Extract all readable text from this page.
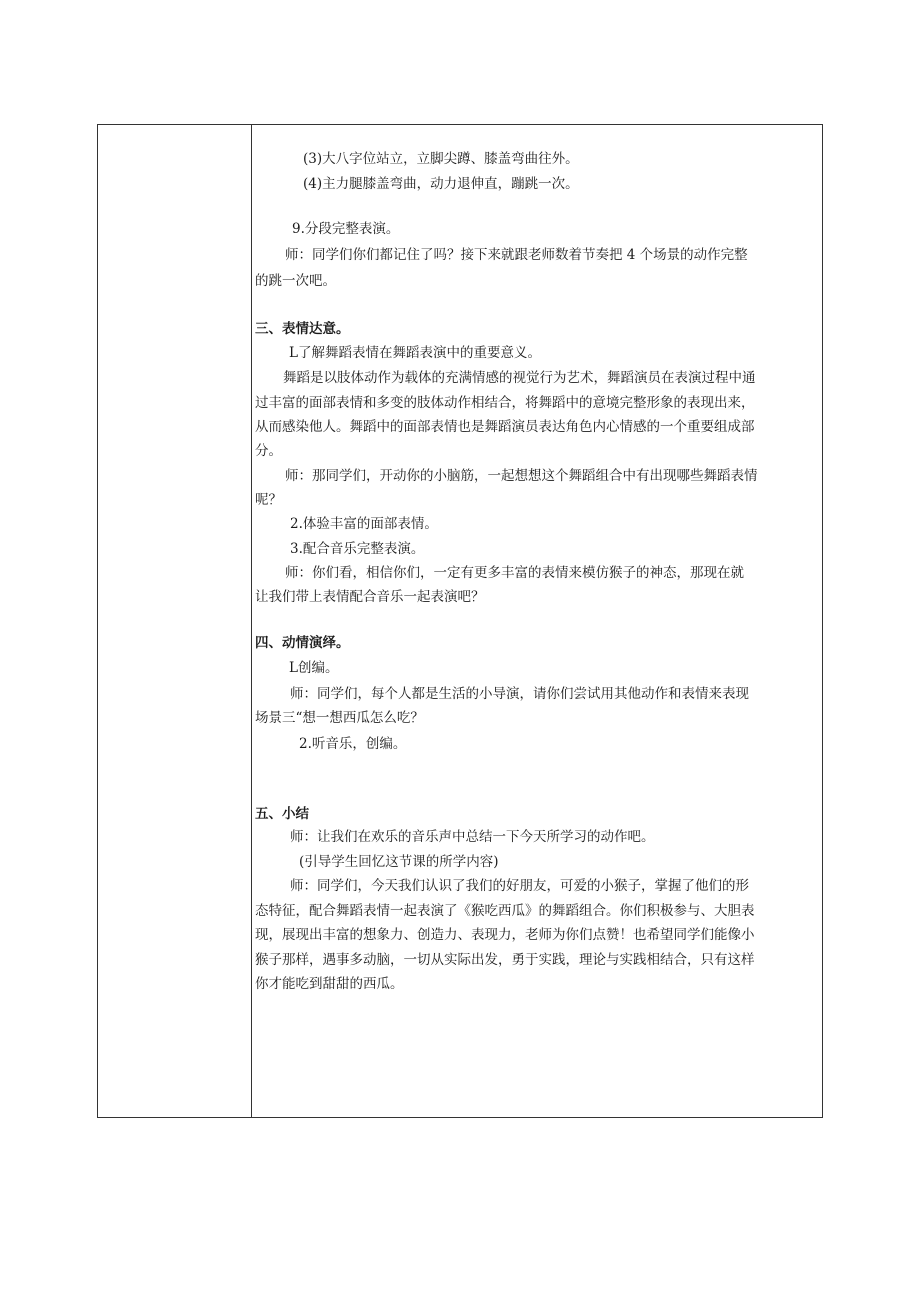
(3)大八字位站立，立脚尖蹲、膝盖弯曲往外。
(4)主力腿膝盖弯曲，动力退伸直，蹦跳一次。
9.分段完整表演。
师：同学们你们都记住了吗？接下来就跟老师数着节奏把 4 个场景的动作完整
的跳一次吧。
三、表情达意。
L了解舞蹈表情在舞蹈表演中的重要意义。
舞蹈是以肢体动作为载体的充满情感的视觉行为艺术，舞蹈演员在表演过程中通
过丰富的面部表情和多变的肢体动作相结合，将舞蹈中的意境完整形象的表现出来，
从而感染他人。舞蹈中的面部表情也是舞蹈演员表达角色内心情感的一个重要组成部
分。
师：那同学们，开动你的小脑筋，一起想想这个舞蹈组合中有出现哪些舞蹈表情
呢？
2.体验丰富的面部表情。
3.配合音乐完整表演。
师：你们看，相信你们，一定有更多丰富的表情来模仿猴子的神态，那现在就
让我们带上表情配合音乐一起表演吧？
四、动情演绎。
L创编。
师：同学们，每个人都是生活的小导演，请你们尝试用其他动作和表情来表现
场景三“想一想西瓜怎么吃？
2.听音乐，创编。
五、小结
师：让我们在欢乐的音乐声中总结一下今天所学习的动作吧。
(引导学生回忆这节课的所学内容)
师：同学们，今天我们认识了我们的好朋友，可爱的小猴子，掌握了他们的形
态特征，配合舞蹈表情一起表演了《猴吃西瓜》的舞蹈组合。你们积极参与、大胆表
现，展现出丰富的想象力、创造力、表现力，老师为你们点赞！也希望同学们能像小
猴子那样，遇事多动脑，一切从实际出发，勇于实践，理论与实践相结合，只有这样
你才能吃到甜甜的西瓜。
